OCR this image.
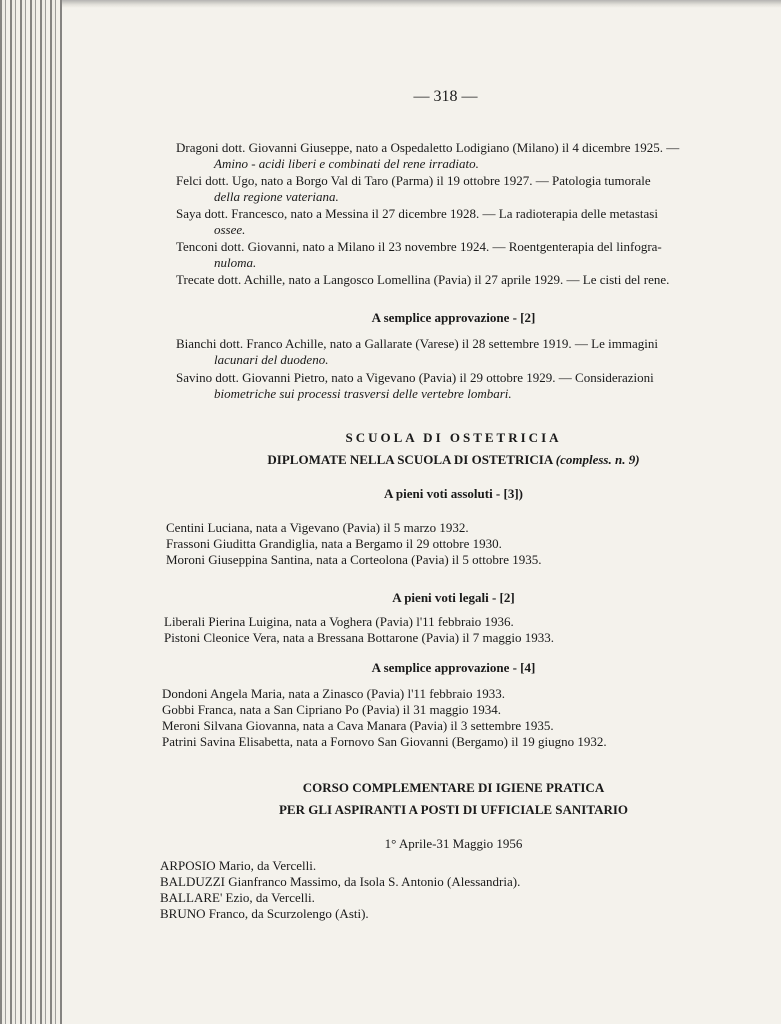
— 318 —
Dragoni dott. Giovanni Giuseppe, nato a Ospedaletto Lodigiano (Milano) il 4 dicembre 1925. —
Amino - acidi liberi e combinati del rene irradiato.
Felci dott. Ugo, nato a Borgo Val di Taro (Parma) il 19 ottobre 1927. — Patologia tumorale
della regione vateriana.
Saya dott. Francesco, nato a Messina il 27 dicembre 1928. — La radioterapia delle metastasi
ossee.
Tenconi dott. Giovanni, nato a Milano il 23 novembre 1924. — Roentgenterapia del linfogra-
nuloma.
Trecate dott. Achille, nato a Langosco Lomellina (Pavia) il 27 aprile 1929. — Le cisti del rene.
A semplice approvazione - [2]
Bianchi dott. Franco Achille, nato a Gallarate (Varese) il 28 settembre 1919. — Le immagini
lacunari del duodeno.
Savino dott. Giovanni Pietro, nato a Vigevano (Pavia) il 29 ottobre 1929. — Considerazioni
biometriche sui processi trasversi delle vertebre lombari.
SCUOLA DI OSTETRICIA
DIPLOMATE NELLA SCUOLA DI OSTETRICIA (compless. n. 9)
A pieni voti assoluti - [3])
Centini Luciana, nata a Vigevano (Pavia) il 5 marzo 1932.
Frassoni Giuditta Grandiglia, nata a Bergamo il 29 ottobre 1930.
Moroni Giuseppina Santina, nata a Corteolona (Pavia) il 5 ottobre 1935.
A pieni voti legali - [2]
Liberali Pierina Luigina, nata a Voghera (Pavia) l'11 febbraio 1936.
Pistoni Cleonice Vera, nata a Bressana Bottarone (Pavia) il 7 maggio 1933.
A semplice approvazione - [4]
Dondoni Angela Maria, nata a Zinasco (Pavia) l'11 febbraio 1933.
Gobbi Franca, nata a San Cipriano Po (Pavia) il 31 maggio 1934.
Meroni Silvana Giovanna, nata a Cava Manara (Pavia) il 3 settembre 1935.
Patrini Savina Elisabetta, nata a Fornovo San Giovanni (Bergamo) il 19 giugno 1932.
CORSO COMPLEMENTARE DI IGIENE PRATICA
PER GLI ASPIRANTI A POSTI DI UFFICIALE SANITARIO
1° Aprile-31 Maggio 1956
ARPOSIO Mario, da Vercelli.
BALDUZZI Gianfranco Massimo, da Isola S. Antonio (Alessandria).
BALLARE' Ezio, da Vercelli.
BRUNO Franco, da Scurzolengo (Asti).
